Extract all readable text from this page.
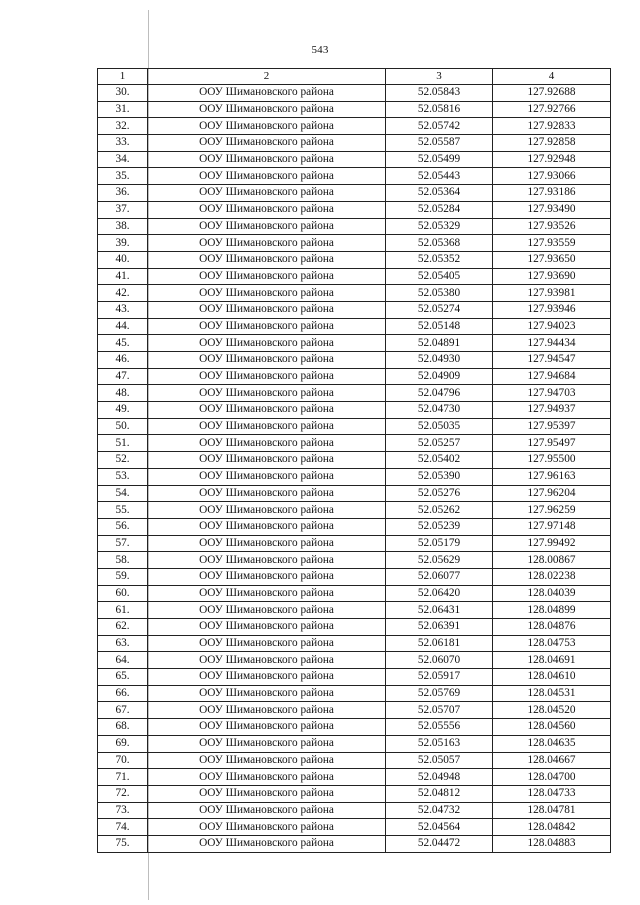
543
1	2	3	4
30.	ООУ Шимановского района	52.05843	127.92688
31.	ООУ Шимановского района	52.05816	127.92766
32.	ООУ Шимановского района	52.05742	127.92833
33.	ООУ Шимановского района	52.05587	127.92858
34.	ООУ Шимановского района	52.05499	127.92948
35.	ООУ Шимановского района	52.05443	127.93066
36.	ООУ Шимановского района	52.05364	127.93186
37.	ООУ Шимановского района	52.05284	127.93490
38.	ООУ Шимановского района	52.05329	127.93526
39.	ООУ Шимановского района	52.05368	127.93559
40.	ООУ Шимановского района	52.05352	127.93650
41.	ООУ Шимановского района	52.05405	127.93690
42.	ООУ Шимановского района	52.05380	127.93981
43.	ООУ Шимановского района	52.05274	127.93946
44.	ООУ Шимановского района	52.05148	127.94023
45.	ООУ Шимановского района	52.04891	127.94434
46.	ООУ Шимановского района	52.04930	127.94547
47.	ООУ Шимановского района	52.04909	127.94684
48.	ООУ Шимановского района	52.04796	127.94703
49.	ООУ Шимановского района	52.04730	127.94937
50.	ООУ Шимановского района	52.05035	127.95397
51.	ООУ Шимановского района	52.05257	127.95497
52.	ООУ Шимановского района	52.05402	127.95500
53.	ООУ Шимановского района	52.05390	127.96163
54.	ООУ Шимановского района	52.05276	127.96204
55.	ООУ Шимановского района	52.05262	127.96259
56.	ООУ Шимановского района	52.05239	127.97148
57.	ООУ Шимановского района	52.05179	127.99492
58.	ООУ Шимановского района	52.05629	128.00867
59.	ООУ Шимановского района	52.06077	128.02238
60.	ООУ Шимановского района	52.06420	128.04039
61.	ООУ Шимановского района	52.06431	128.04899
62.	ООУ Шимановского района	52.06391	128.04876
63.	ООУ Шимановского района	52.06181	128.04753
64.	ООУ Шимановского района	52.06070	128.04691
65.	ООУ Шимановского района	52.05917	128.04610
66.	ООУ Шимановского района	52.05769	128.04531
67.	ООУ Шимановского района	52.05707	128.04520
68.	ООУ Шимановского района	52.05556	128.04560
69.	ООУ Шимановского района	52.05163	128.04635
70.	ООУ Шимановского района	52.05057	128.04667
71.	ООУ Шимановского района	52.04948	128.04700
72.	ООУ Шимановского района	52.04812	128.04733
73.	ООУ Шимановского района	52.04732	128.04781
74.	ООУ Шимановского района	52.04564	128.04842
75.	ООУ Шимановского района	52.04472	128.04883
